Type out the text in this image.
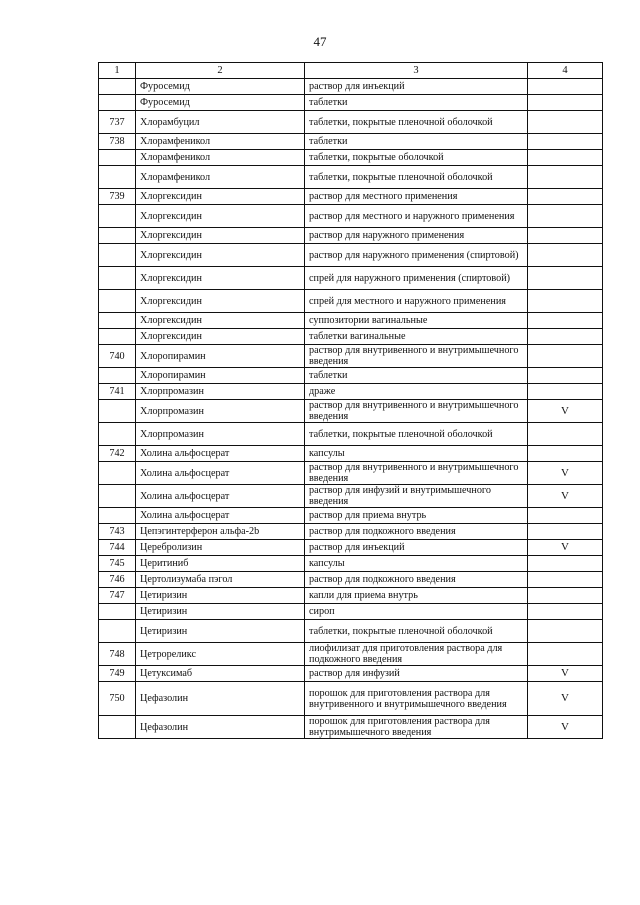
47
1	2	3	4
	Фуросемид	раствор для инъекций	
	Фуросемид	таблетки	
737	Хлорамбуцил	таблетки, покрытые пленочной оболочкой	
738	Хлорамфеникол	таблетки	
	Хлорамфеникол	таблетки, покрытые оболочкой	
	Хлорамфеникол	таблетки, покрытые пленочной оболочкой	
739	Хлоргексидин	раствор для местного применения	
	Хлоргексидин	раствор для местного и наружного применения	
	Хлоргексидин	раствор для наружного применения	
	Хлоргексидин	раствор для наружного применения (спиртовой)	
	Хлоргексидин	спрей для наружного применения (спиртовой)	
	Хлоргексидин	спрей для местного и наружного применения	
	Хлоргексидин	суппозитории вагинальные	
	Хлоргексидин	таблетки вагинальные	
740	Хлоропирамин	раствор для внутривенного и внутримышечного введения	
	Хлоропирамин	таблетки	
741	Хлорпромазин	драже	
	Хлорпромазин	раствор для внутривенного и внутримышечного введения	V
	Хлорпромазин	таблетки, покрытые пленочной оболочкой	
742	Холина альфосцерат	капсулы	
	Холина альфосцерат	раствор для внутривенного и внутримышечного введения	V
	Холина альфосцерат	раствор для инфузий и внутримышечного введения	V
	Холина альфосцерат	раствор для приема внутрь	
743	Цепэгинтерферон альфа-2b	раствор для подкожного введения	
744	Церебролизин	раствор для инъекций	V
745	Церитиниб	капсулы	
746	Цертолизумаба пэгол	раствор для подкожного введения	
747	Цетиризин	капли для приема внутрь	
	Цетиризин	сироп	
	Цетиризин	таблетки, покрытые пленочной оболочкой	
748	Цетрореликс	лиофилизат для приготовления раствора для подкожного введения	
749	Цетуксимаб	раствор для инфузий	V
750	Цефазолин	порошок для приготовления раствора для внутривенного и внутримышечного введения	V
	Цефазолин	порошок для приготовления раствора для внутримышечного введения	V
